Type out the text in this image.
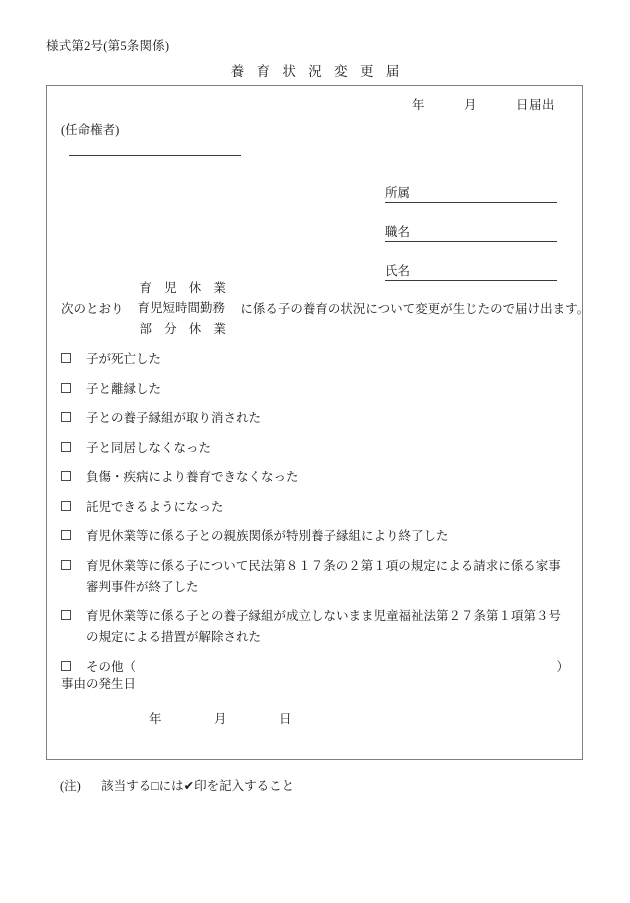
様式第2号(第5条関係)
養 育 状 況 変 更 届
年　　　月　　　日届出
(任命権者)
所属
職名
氏名
次のとおり
育 児 休 業
育児短時間勤務
部 分 休 業
に係る子の養育の状況について変更が生じたので届け出ます。
子が死亡した
子と離縁した
子との養子縁組が取り消された
子と同居しなくなった
負傷・疾病により養育できなくなった
託児できるようになった
育児休業等に係る子との親族関係が特別養子縁組により終了した
育児休業等に係る子について民法第８１７条の２第１項の規定による請求に係る家事審判事件が終了した
育児休業等に係る子との養子縁組が成立しないまま児童福祉法第２７条第１項第３号の規定による措置が解除された
その他（	）
事由の発生日
年　　　　月　　　　日
(注) 該当する□には✔印を記入すること
